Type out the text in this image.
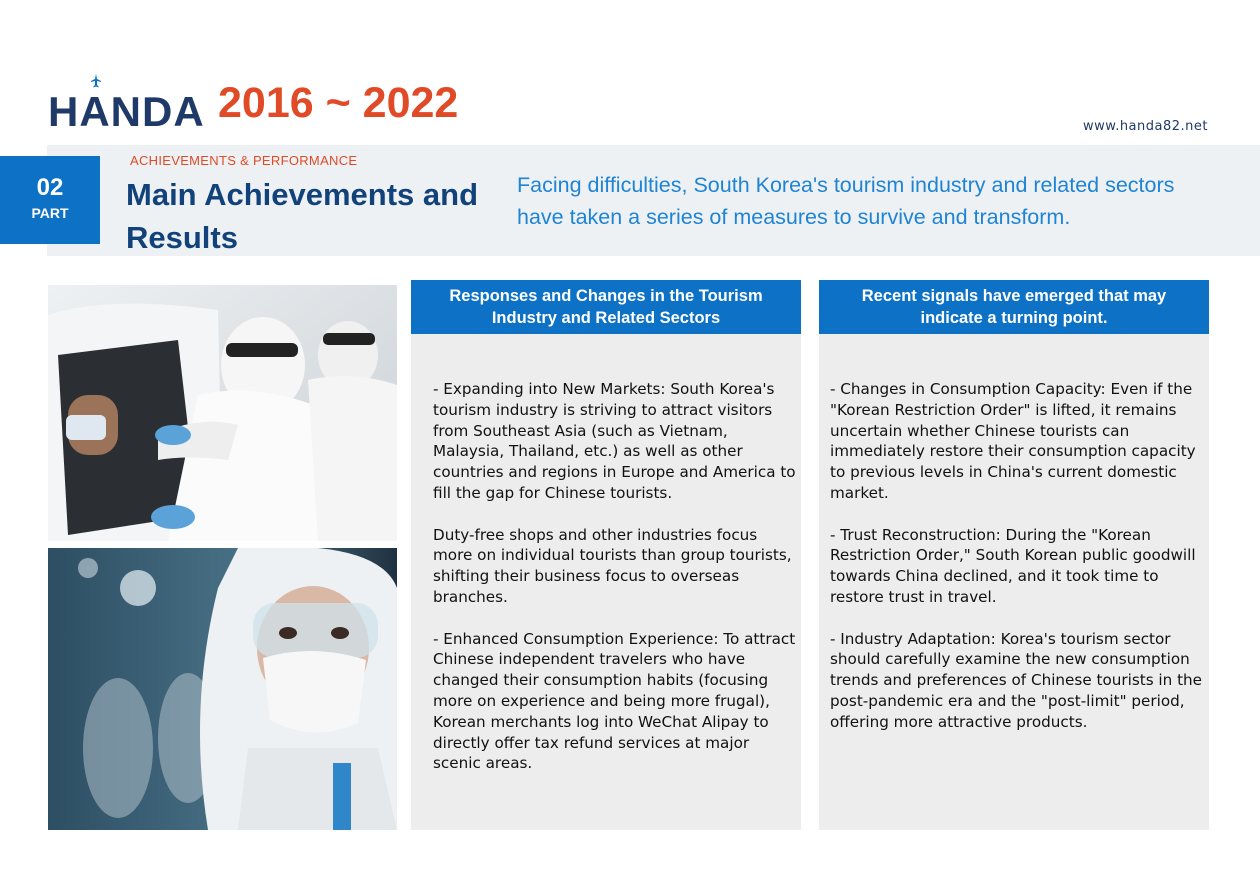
HANDA 2016 ~ 2022	www.handa82.net
02
PART
ACHIEVEMENTS & PERFORMANCE
Main Achievements and Results

Facing difficulties, South Korea's tourism industry and related sectors have taken a series of measures to survive and transform.

Responses and Changes in the Tourism Industry and Related Sectors

- Expanding into New Markets: South Korea's tourism industry is striving to attract visitors from Southeast Asia (such as Vietnam, Malaysia, Thailand, etc.) as well as other countries and regions in Europe and America to fill the gap for Chinese tourists.

Duty-free shops and other industries focus more on individual tourists than group tourists, shifting their business focus to overseas branches.

- Enhanced Consumption Experience: To attract Chinese independent travelers who have changed their consumption habits (focusing more on experience and being more frugal), Korean merchants log into WeChat Alipay to directly offer tax refund services at major scenic areas.

Recent signals have emerged that may indicate a turning point.

- Changes in Consumption Capacity: Even if the "Korean Restriction Order" is lifted, it remains uncertain whether Chinese tourists can immediately restore their consumption capacity to previous levels in China's current domestic market.

- Trust Reconstruction: During the "Korean Restriction Order," South Korean public goodwill towards China declined, and it took time to restore trust in travel.

- Industry Adaptation: Korea's tourism sector should carefully examine the new consumption trends and preferences of Chinese tourists in the post-pandemic era and the "post-limit" period, offering more attractive products.
